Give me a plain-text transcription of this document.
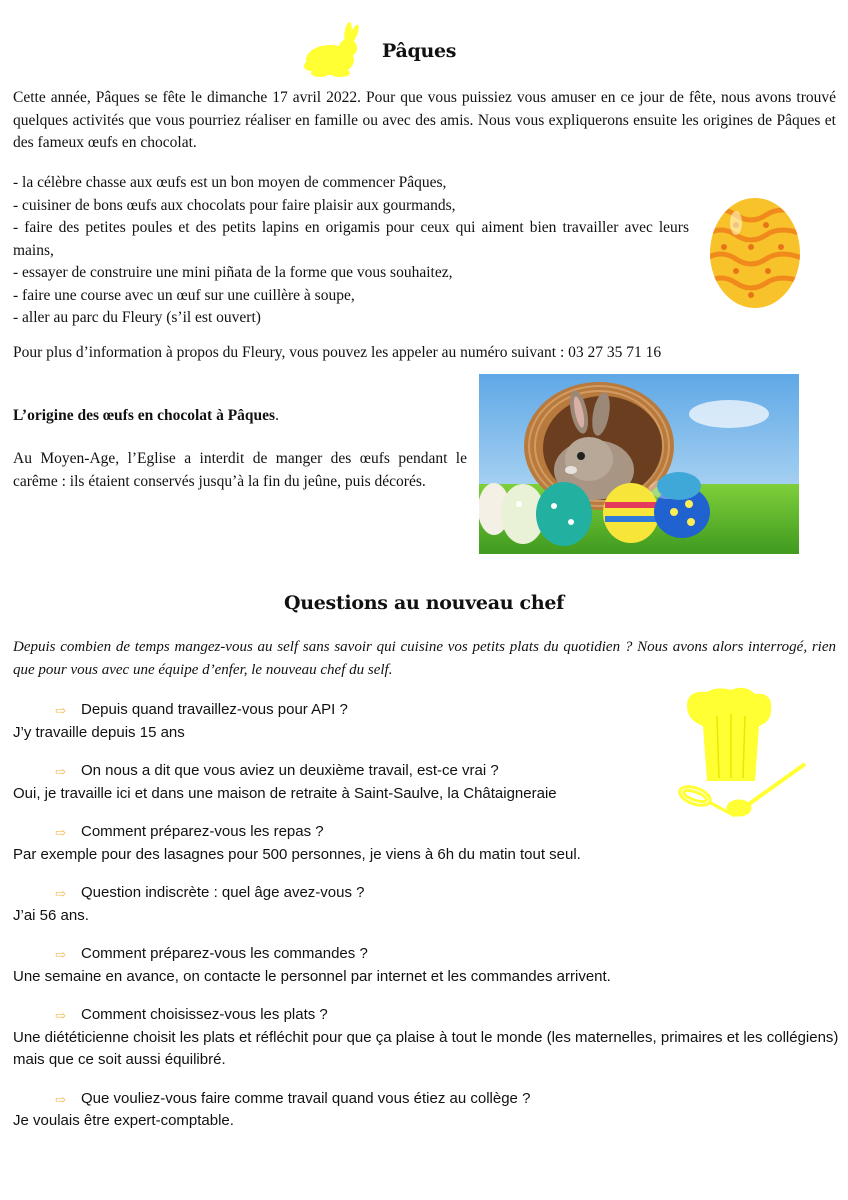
Pâques
Cette année, Pâques se fête le dimanche 17 avril 2022. Pour que vous puissiez vous amuser en ce jour de fête, nous avons trouvé quelques activités que vous pourriez réaliser en famille ou avec des amis. Nous vous expliquerons ensuite les origines de Pâques et des fameux œufs en chocolat.
- la célèbre chasse aux œufs est un bon moyen de commencer Pâques,
- cuisiner de bons œufs aux chocolats pour faire plaisir aux gourmands,
- faire des petites poules et des petits lapins en origamis pour ceux qui aiment bien travailler avec leurs mains,
- essayer de construire une mini piñata de la forme que vous souhaitez,
- faire une course avec un œuf sur une cuillère à soupe,
- aller au parc du Fleury (s’il est ouvert)
Pour plus d’information à propos du Fleury, vous pouvez les appeler au numéro suivant : 03 27 35 71 16
L’origine des œufs en chocolat à Pâques.
Au Moyen-Age, l’Eglise a interdit de manger des œufs pendant le carême : ils étaient conservés jusqu’à la fin du jeûne, puis décorés.
Questions au nouveau chef
Depuis combien de temps mangez-vous au self sans savoir qui cuisine vos petits plats du quotidien ? Nous avons alors interrogé, rien que pour vous avec une équipe d’enfer, le nouveau chef du self.
⇨	Depuis quand travaillez-vous pour API ?
J’y travaille depuis 15 ans
⇨	On nous a dit que vous aviez un deuxième travail, est-ce vrai ?
Oui, je travaille ici et dans une maison de retraite à Saint-Saulve, la Châtaigneraie
⇨	Comment préparez-vous les repas ?
Par exemple pour des lasagnes pour 500 personnes, je viens à 6h du matin tout seul.
⇨	Question indiscrète : quel âge avez-vous ?
J’ai 56 ans.
⇨	Comment préparez-vous les commandes ?
Une semaine en avance, on contacte le personnel par internet et les commandes arrivent.
⇨	Comment choisissez-vous les plats ?
Une diététicienne choisit les plats et réfléchit pour que ça plaise à tout le monde (les maternelles, primaires et les collégiens) mais que ce soit aussi équilibré.
⇨	Que vouliez-vous faire comme travail quand vous étiez au collège ?
Je voulais être expert-comptable.
